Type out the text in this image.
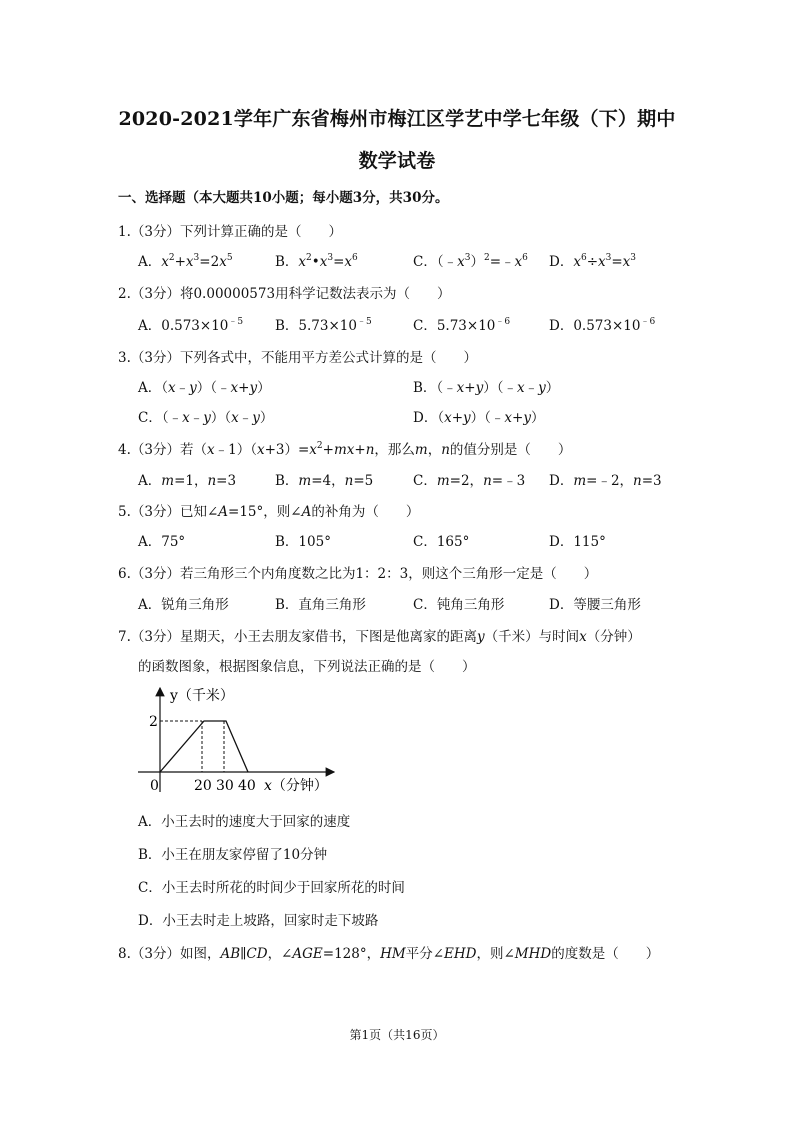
2020-2021学年广东省梅州市梅江区学艺中学七年级（下）期中
数学试卷
一、选择题（本大题共10小题；每小题3分，共30分。
1.（3分）下列计算正确的是（　　）
A．$x^2+x^3=2x^5$	B．$x^2•x^3=x^6$	C．$(﹣x^3)^2=﹣x^6$ D．$x^6\div x^3=x^3$
2.（3分）将0.00000573用科学记数法表示为（　　）
A．$0.573\times 10^{﹣5}$ B．$5.73\times 10^{﹣5}$	C．$5.73\times 10^{﹣6}$	D．$0.573\times 10^{﹣6}$
3.（3分）下列各式中，不能用平方差公式计算的是（　　）
A．（x﹣y）（﹣x+y）	B．（﹣x+y）（﹣x﹣y）
C．（﹣x﹣y）（x﹣y）	D．（x+y）（﹣x+y）
4.（3分）若$(x﹣1)(x+3)=x^2+mx+n$，那么m，n的值分别是（　　）
A．m=1，n=3	B．m=4，n=5	C．m=2，n=﹣3 D．m=﹣2，n=3
5.（3分）已知∠A=15°，则∠A的补角为（　　）
A．75°	B．105°	C．165°	D．115°
6.（3分）若三角形三个内角度数之比为1：2：3，则这个三角形一定是（　　）
A．锐角三角形	B．直角三角形	C．钝角三角形	D．等腰三角形
7.（3分）星期天，小王去朋友家借书，下图是他离家的距离y（千米）与时间x（分钟）
的函数图象，根据图象信息，下列说法正确的是（　　）
y（千米）
2
0	20 30 40 x（分钟）
A．小王去时的速度大于回家的速度
B．小王在朋友家停留了10分钟
C．小王去时所花的时间少于回家所花的时间
D．小王去时走上坡路，回家时走下坡路
8.（3分）如图，AB∥CD，∠AGE=128°，HM平分∠EHD，则∠MHD的度数是（　　）
第1页（共16页）
